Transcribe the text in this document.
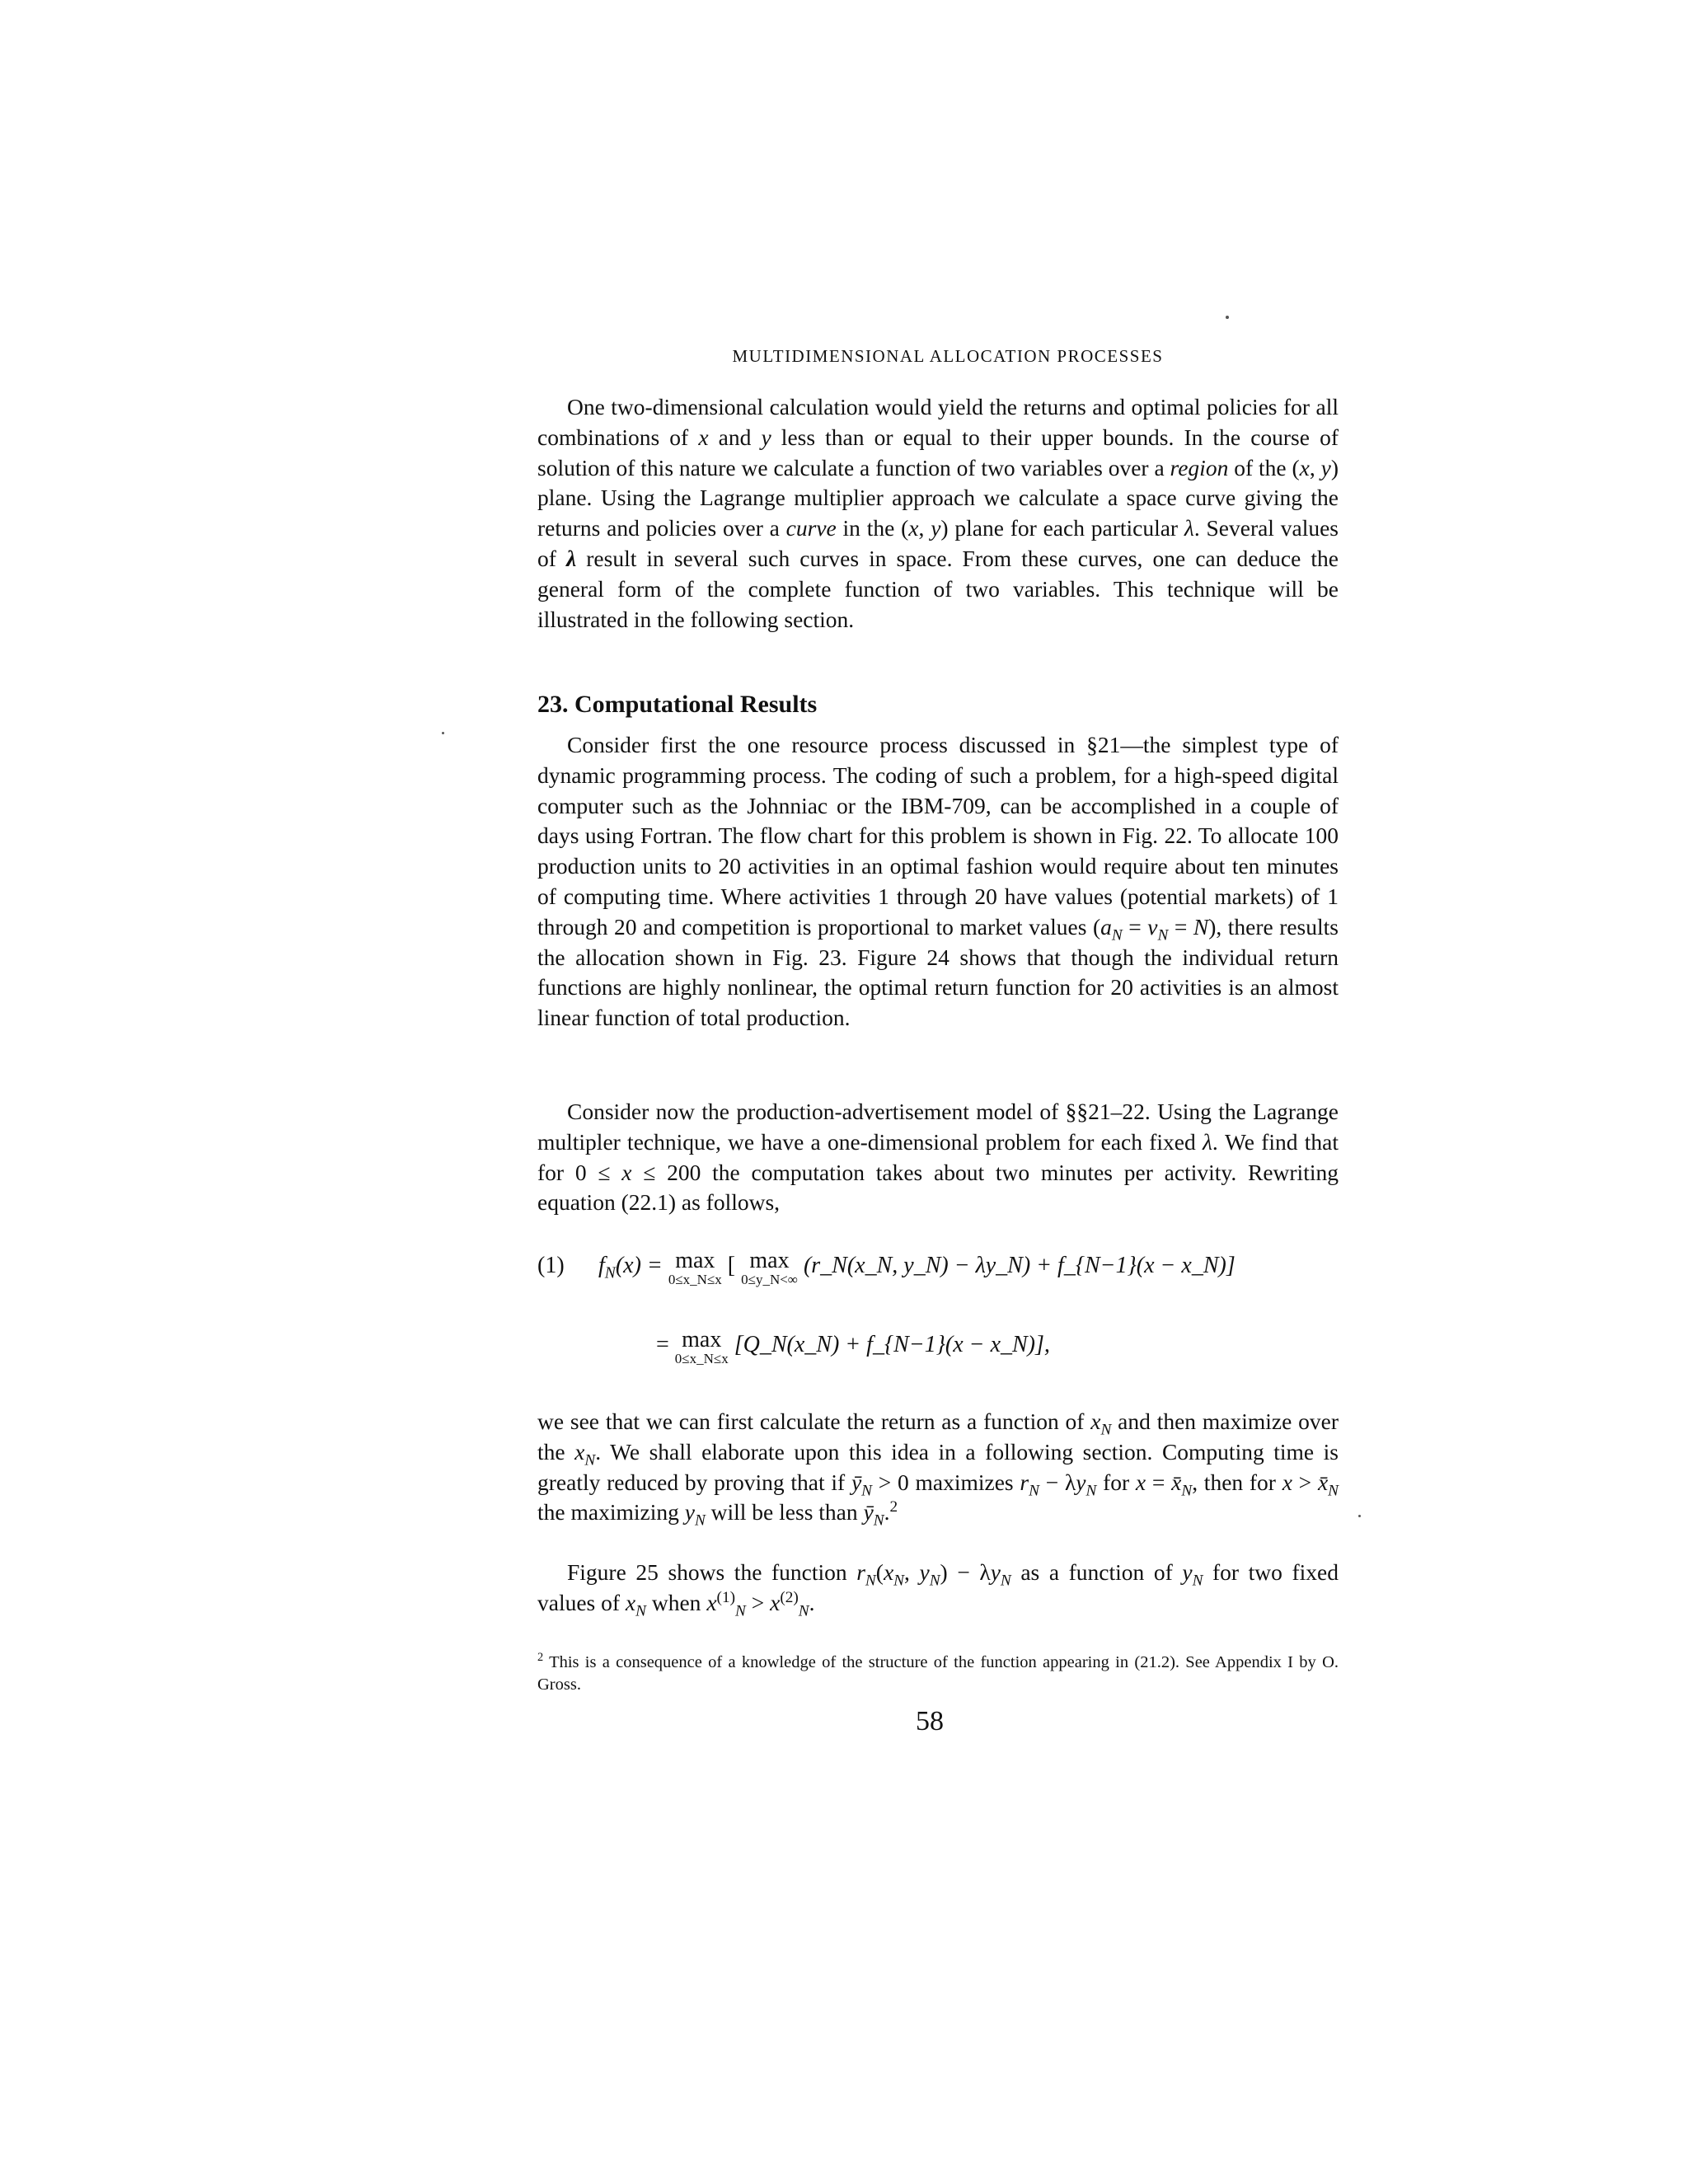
MULTIDIMENSIONAL ALLOCATION PROCESSES
One two-dimensional calculation would yield the returns and optimal policies for all combinations of x and y less than or equal to their upper bounds. In the course of solution of this nature we calculate a function of two variables over a region of the (x, y) plane. Using the Lagrange multiplier approach we calculate a space curve giving the returns and policies over a curve in the (x, y) plane for each particular λ. Several values of λ result in several such curves in space. From these curves, one can deduce the general form of the complete function of two variables. This technique will be illustrated in the following section.
23. Computational Results
Consider first the one resource process discussed in §21—the simplest type of dynamic programming process. The coding of such a problem, for a high-speed digital computer such as the Johnniac or the IBM-709, can be accomplished in a couple of days using Fortran. The flow chart for this problem is shown in Fig. 22. To allocate 100 production units to 20 activities in an optimal fashion would require about ten minutes of computing time. Where activities 1 through 20 have values (potential markets) of 1 through 20 and competition is proportional to market values $(a_N = v_N = N)$, there results the allocation shown in Fig. 23. Figure 24 shows that though the individual return functions are highly nonlinear, the optimal return function for 20 activities is an almost linear function of total production.
Consider now the production-advertisement model of §§21–22. Using the Lagrange multipler technique, we have a one-dimensional problem for each fixed λ. We find that for 0 ≤ x ≤ 200 the computation takes about two minutes per activity. Rewriting equation (22.1) as follows,
(1) $f_N(x) = \max$
0≤x_N≤x
[ max
0≤y_N<∞
(r_N(x_N, y_N) − λy_N) + f_{N−1}(x − x_N)]
= max
0≤x_N≤x
[Q_N(x_N) + f_{N−1}(x − x_N)],
we see that we can first calculate the return as a function of $x_N$ and then maximize over the $x_N$. We shall elaborate upon this idea in a following section. Computing time is greatly reduced by proving that if $ȳ_N > 0$ maximizes $r_N - \lambda y_N$ for $x = x̄_N$, then for $x > x̄_N$ the maximizing $y_N$ will be less than $ȳ_N.^2$
Figure 25 shows the function $r_N(x_N$, $y_N) - \lambda y_N$ as a function of $y_N$ for two fixed values of $x_N$ when $x^{(1)}_N > x^{(2)}_N$.
$^2$ This is a consequence of a knowledge of the structure of the function appearing in (21.2). See Appendix I by O. Gross.
58
